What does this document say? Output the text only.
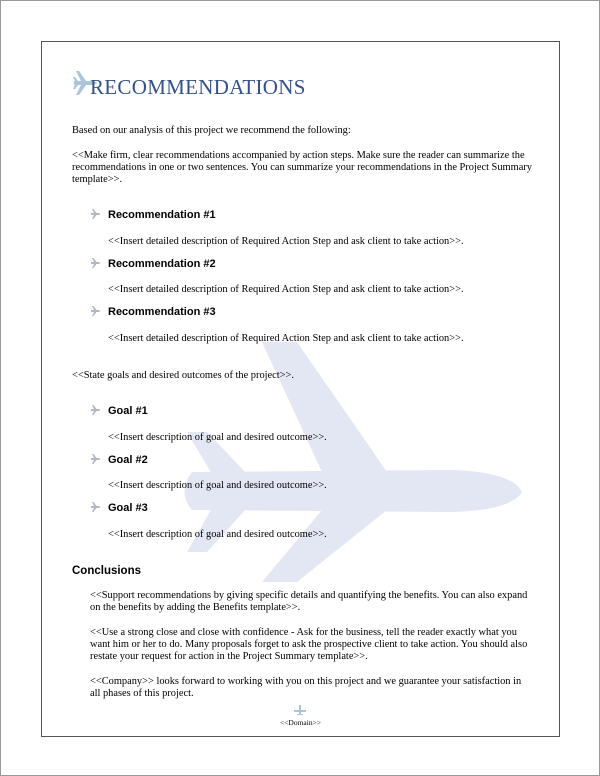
RECOMMENDATIONS
Based on our analysis of this project we recommend the following:
<<Make firm, clear recommendations accompanied by action steps. Make sure the reader can summarize the recommendations in one or two sentences. You can summarize your recommendations in the Project Summary template>>.
Recommendation #1
<<Insert detailed description of Required Action Step and ask client to take action>>.
Recommendation #2
<<Insert detailed description of Required Action Step and ask client to take action>>.
Recommendation #3
<<Insert detailed description of Required Action Step and ask client to take action>>.
<<State goals and desired outcomes of the project>>.
Goal #1
<<Insert description of goal and desired outcome>>.
Goal #2
<<Insert description of goal and desired outcome>>.
Goal #3
<<Insert description of goal and desired outcome>>.
Conclusions
<<Support recommendations by giving specific details and quantifying the benefits. You can also expand on the benefits by adding the Benefits template>>.
<<Use a strong close and close with confidence - Ask for the business, tell the reader exactly what you want him or her to do. Many proposals forget to ask the prospective client to take action. You should also restate your request for action in the Project Summary template>>.
<<Company>> looks forward to working with you on this project and we guarantee your satisfaction in all phases of this project.
<<Domain>>
